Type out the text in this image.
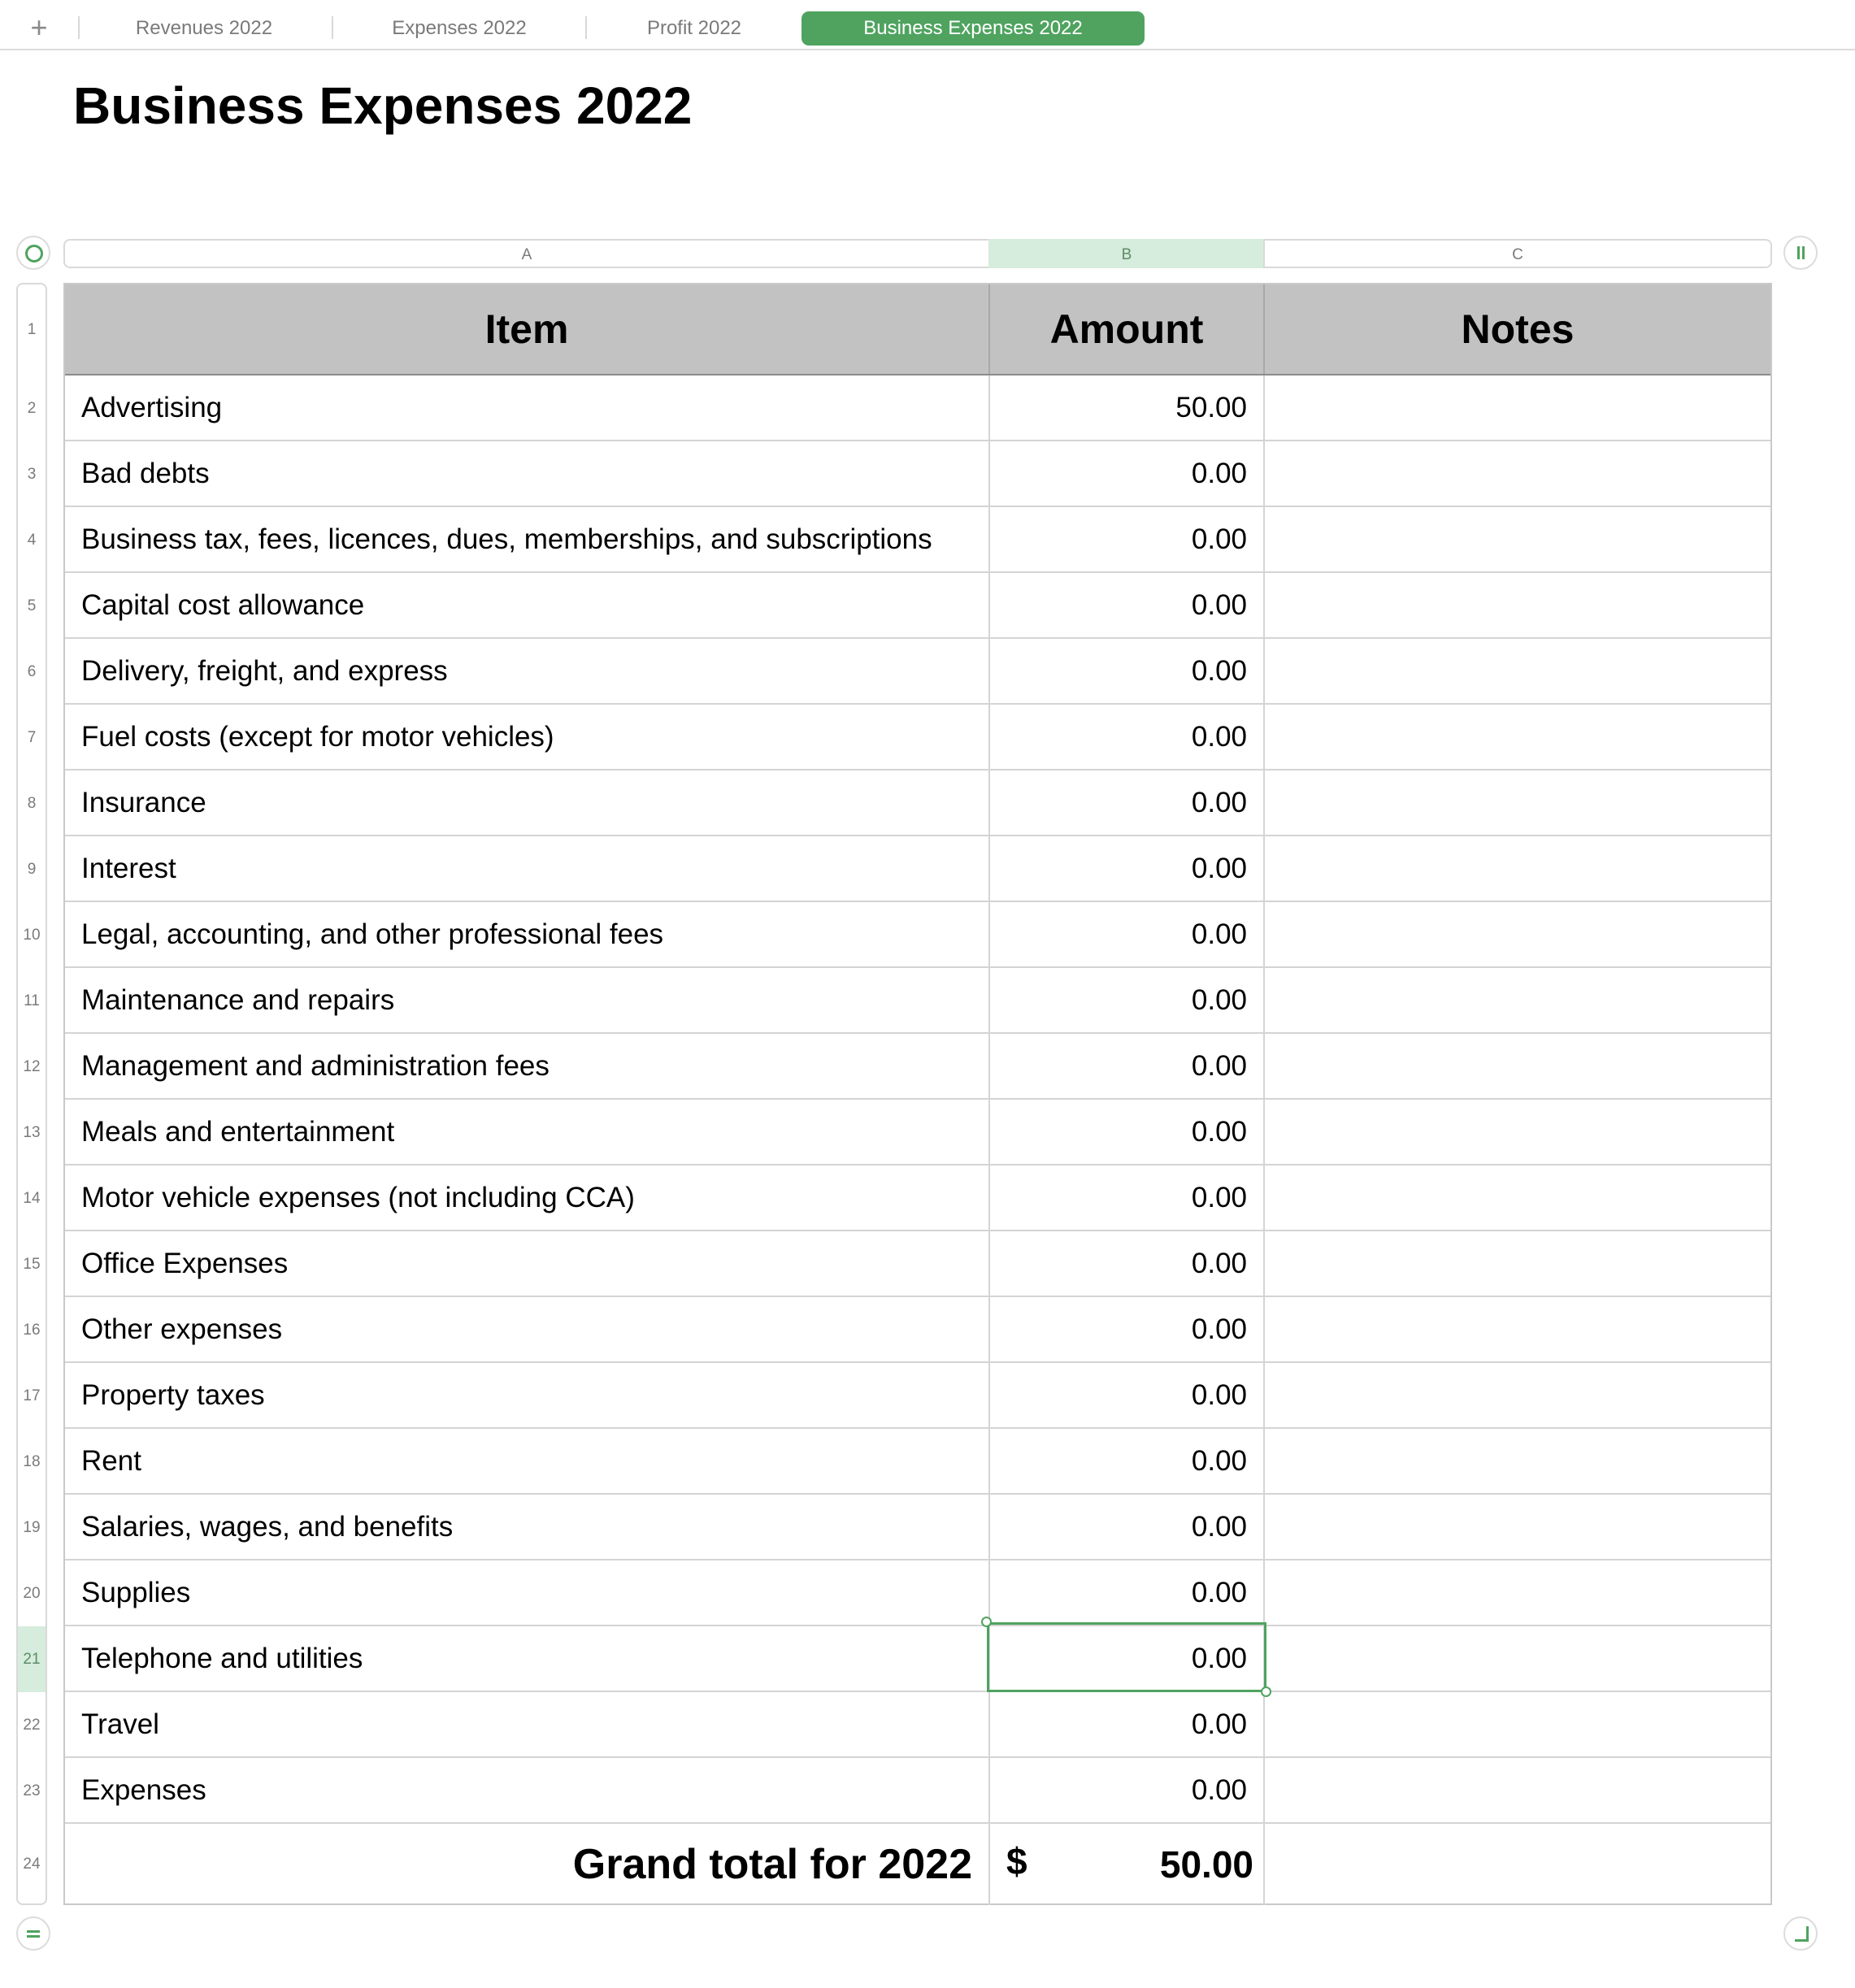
+	Revenues 2022	Expenses 2022	Profit 2022	Business Expenses 2022
Business Expenses 2022
A	B	C
1
2
3
4
5
6
7
8
9
10
11
12
13
14
15
16
17
18
19
20
21
22
23
24
Item	Amount	Notes
Advertising	50.00
Bad debts	0.00
Business tax, fees, licences, dues, memberships, and subscriptions	0.00
Capital cost allowance	0.00
Delivery, freight, and express	0.00
Fuel costs (except for motor vehicles)	0.00
Insurance	0.00
Interest	0.00
Legal, accounting, and other professional fees	0.00
Maintenance and repairs	0.00
Management and administration fees	0.00
Meals and entertainment	0.00
Motor vehicle expenses (not including CCA)	0.00
Office Expenses	0.00
Other expenses	0.00
Property taxes	0.00
Rent	0.00
Salaries, wages, and benefits	0.00
Supplies	0.00
Telephone and utilities	0.00
Travel	0.00
Expenses	0.00
Grand total for 2022 $	50.00
